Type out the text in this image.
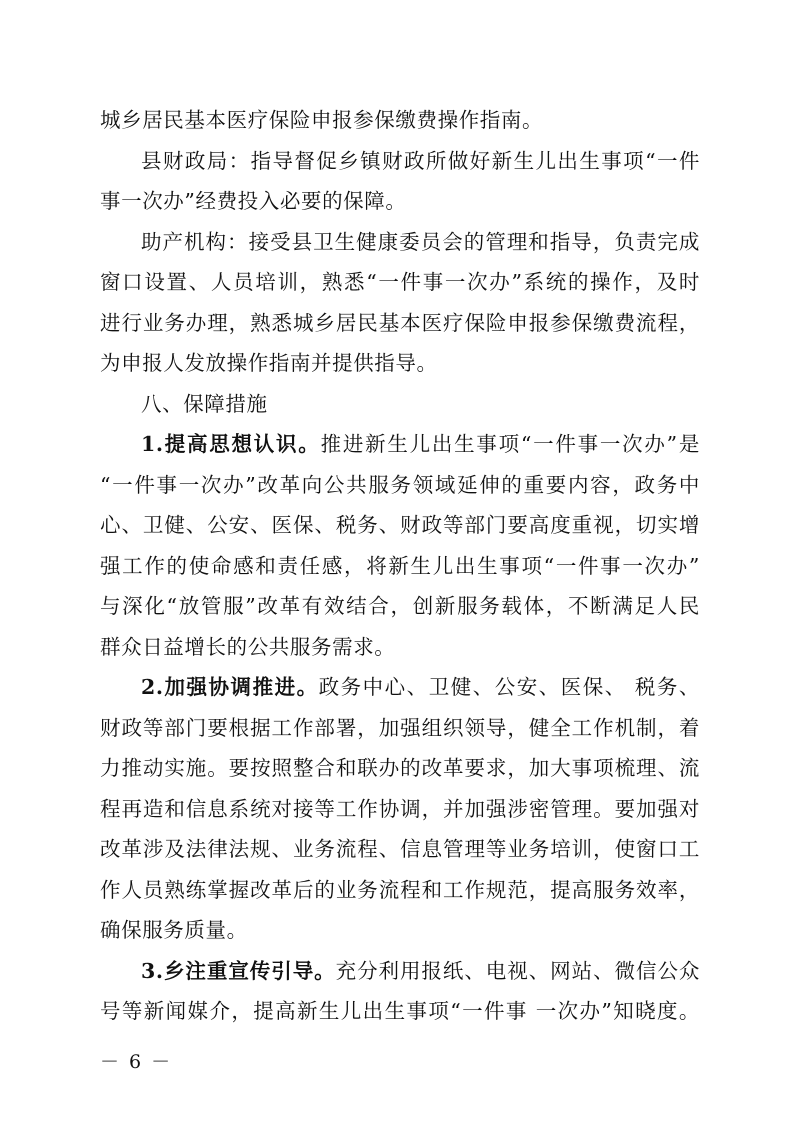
城乡居民基本医疗保险申报参保缴费操作指南。
县财政局：指导督促乡镇财政所做好新生儿出生事项“一件
事一次办”经费投入必要的保障。
助产机构：接受县卫生健康委员会的管理和指导，负责完成
窗口设置、人员培训，熟悉“一件事一次办”系统的操作，及时
进行业务办理，熟悉城乡居民基本医疗保险申报参保缴费流程，
为申报人发放操作指南并提供指导。
八、保障措施
1.提高思想认识。推进新生儿出生事项“一件事一次办”是
“一件事一次办”改革向公共服务领域延伸的重要内容，政务中
心、卫健、公安、医保、税务、财政等部门要高度重视，切实增
强工作的使命感和责任感，将新生儿出生事项“一件事一次办”
与深化“放管服”改革有效结合，创新服务载体，不断满足人民
群众日益增长的公共服务需求。
2.加强协调推进。政务中心、卫健、公安、医保、 税务、
财政等部门要根据工作部署，加强组织领导，健全工作机制，着
力推动实施。要按照整合和联办的改革要求，加大事项梳理、流
程再造和信息系统对接等工作协调，并加强涉密管理。要加强对
改革涉及法律法规、业务流程、信息管理等业务培训，使窗口工
作人员熟练掌握改革后的业务流程和工作规范，提高服务效率，
确保服务质量。
3.乡注重宣传引导。充分利用报纸、电视、网站、微信公众
号等新闻媒介，提高新生儿出生事项“一件事 一次办”知晓度。
－ 6 －
